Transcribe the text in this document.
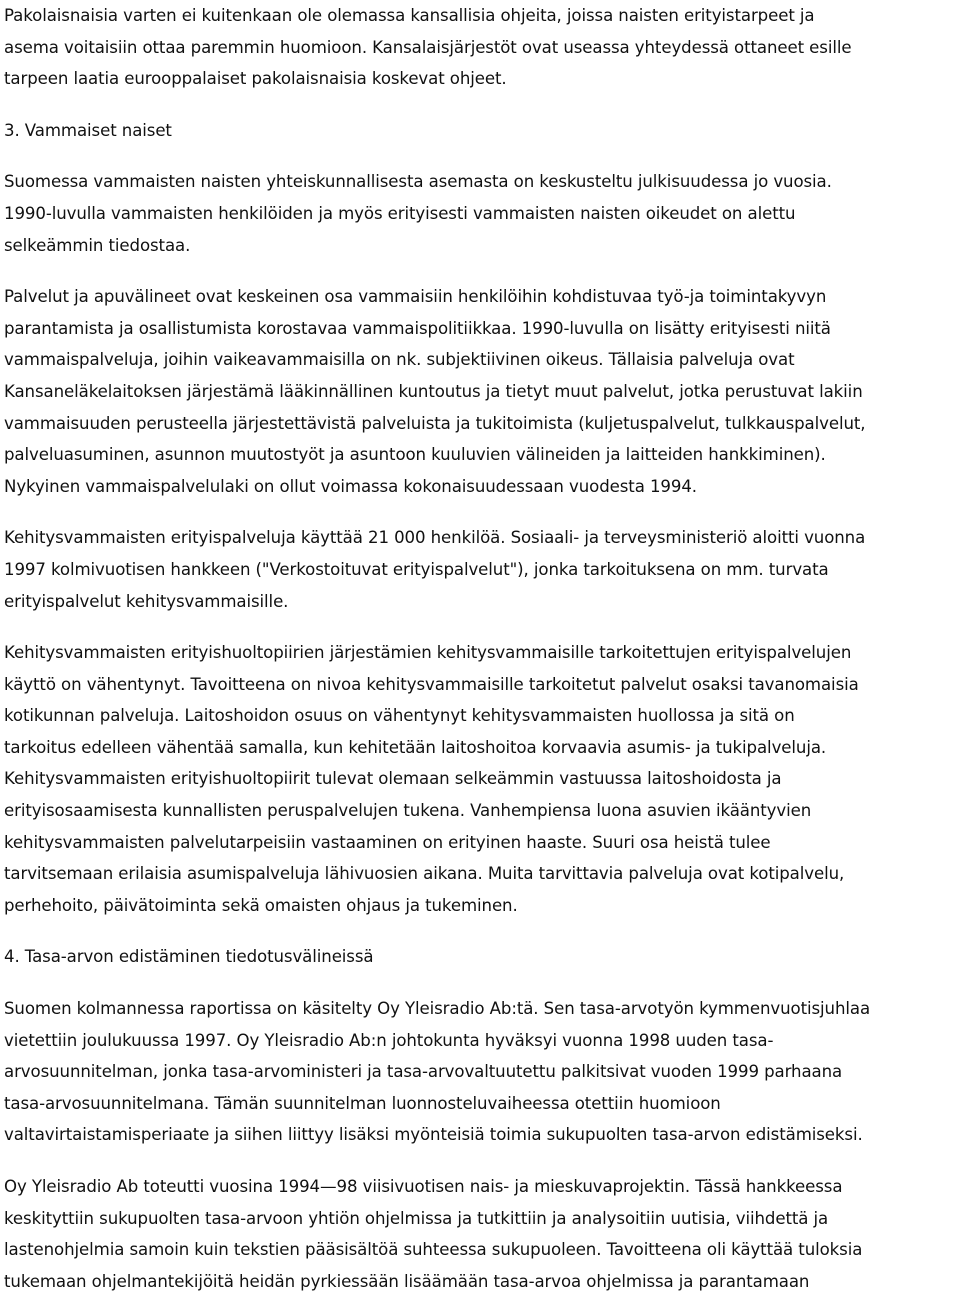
Pakolaisnaisia varten ei kuitenkaan ole olemassa kansallisia ohjeita, joissa naisten erityistarpeet ja
asema voitaisiin ottaa paremmin huomioon. Kansalaisjärjestöt ovat useassa yhteydessä ottaneet esille
tarpeen laatia eurooppalaiset pakolaisnaisia koskevat ohjeet.
3. Vammaiset naiset
Suomessa vammaisten naisten yhteiskunnallisesta asemasta on keskusteltu julkisuudessa jo vuosia.
1990-luvulla vammaisten henkilöiden ja myös erityisesti vammaisten naisten oikeudet on alettu
selkeämmin tiedostaa.
Palvelut ja apuvälineet ovat keskeinen osa vammaisiin henkilöihin kohdistuvaa työ-ja toimintakyvyn
parantamista ja osallistumista korostavaa vammaispolitiikkaa. 1990-luvulla on lisätty erityisesti niitä
vammaispalveluja, joihin vaikeavammaisilla on nk. subjektiivinen oikeus. Tällaisia palveluja ovat
Kansaneläkelaitoksen järjestämä lääkinnällinen kuntoutus ja tietyt muut palvelut, jotka perustuvat lakiin
vammaisuuden perusteella järjestettävistä palveluista ja tukitoimista (kuljetuspalvelut, tulkkauspalvelut,
palveluasuminen, asunnon muutostyöt ja asuntoon kuuluvien välineiden ja laitteiden hankkiminen).
Nykyinen vammaispalvelulaki on ollut voimassa kokonaisuudessaan vuodesta 1994.
Kehitysvammaisten erityispalveluja käyttää 21 000 henkilöä. Sosiaali- ja terveysministeriö aloitti vuonna
1997 kolmivuotisen hankkeen ("Verkostoituvat erityispalvelut"), jonka tarkoituksena on mm. turvata
erityispalvelut kehitysvammaisille.
Kehitysvammaisten erityishuoltopiirien järjestämien kehitysvammaisille tarkoitettujen erityispalvelujen
käyttö on vähentynyt. Tavoitteena on nivoa kehitysvammaisille tarkoitetut palvelut osaksi tavanomaisia
kotikunnan palveluja. Laitoshoidon osuus on vähentynyt kehitysvammaisten huollossa ja sitä on
tarkoitus edelleen vähentää samalla, kun kehitetään laitoshoitoa korvaavia asumis- ja tukipalveluja.
Kehitysvammaisten erityishuoltopiirit tulevat olemaan selkeämmin vastuussa laitoshoidosta ja
erityisosaamisesta kunnallisten peruspalvelujen tukena. Vanhempiensa luona asuvien ikääntyvien
kehitysvammaisten palvelutarpeisiin vastaaminen on erityinen haaste. Suuri osa heistä tulee
tarvitsemaan erilaisia asumispalveluja lähivuosien aikana. Muita tarvittavia palveluja ovat kotipalvelu,
perhehoito, päivätoiminta sekä omaisten ohjaus ja tukeminen.
4. Tasa-arvon edistäminen tiedotusvälineissä
Suomen kolmannessa raportissa on käsitelty Oy Yleisradio Ab:tä. Sen tasa-arvotyön kymmenvuotisjuhlaa
vietettiin joulukuussa 1997. Oy Yleisradio Ab:n johtokunta hyväksyi vuonna 1998 uuden tasa-
arvosuunnitelman, jonka tasa-arvoministeri ja tasa-arvovaltuutettu palkitsivat vuoden 1999 parhaana
tasa-arvosuunnitelmana. Tämän suunnitelman luonnosteluvaiheessa otettiin huomioon
valtavirtaistamisperiaate ja siihen liittyy lisäksi myönteisiä toimia sukupuolten tasa-arvon edistämiseksi.
Oy Yleisradio Ab toteutti vuosina 1994—98 viisivuotisen nais- ja mieskuvaprojektin. Tässä hankkeessa
keskityttiin sukupuolten tasa-arvoon yhtiön ohjelmissa ja tutkittiin ja analysoitiin uutisia, viihdettä ja
lastenohjelmia samoin kuin tekstien pääsisältöä suhteessa sukupuoleen. Tavoitteena oli käyttää tuloksia
tukemaan ohjelmantekijöitä heidän pyrkiessään lisäämään tasa-arvoa ohjelmissa ja parantamaan
